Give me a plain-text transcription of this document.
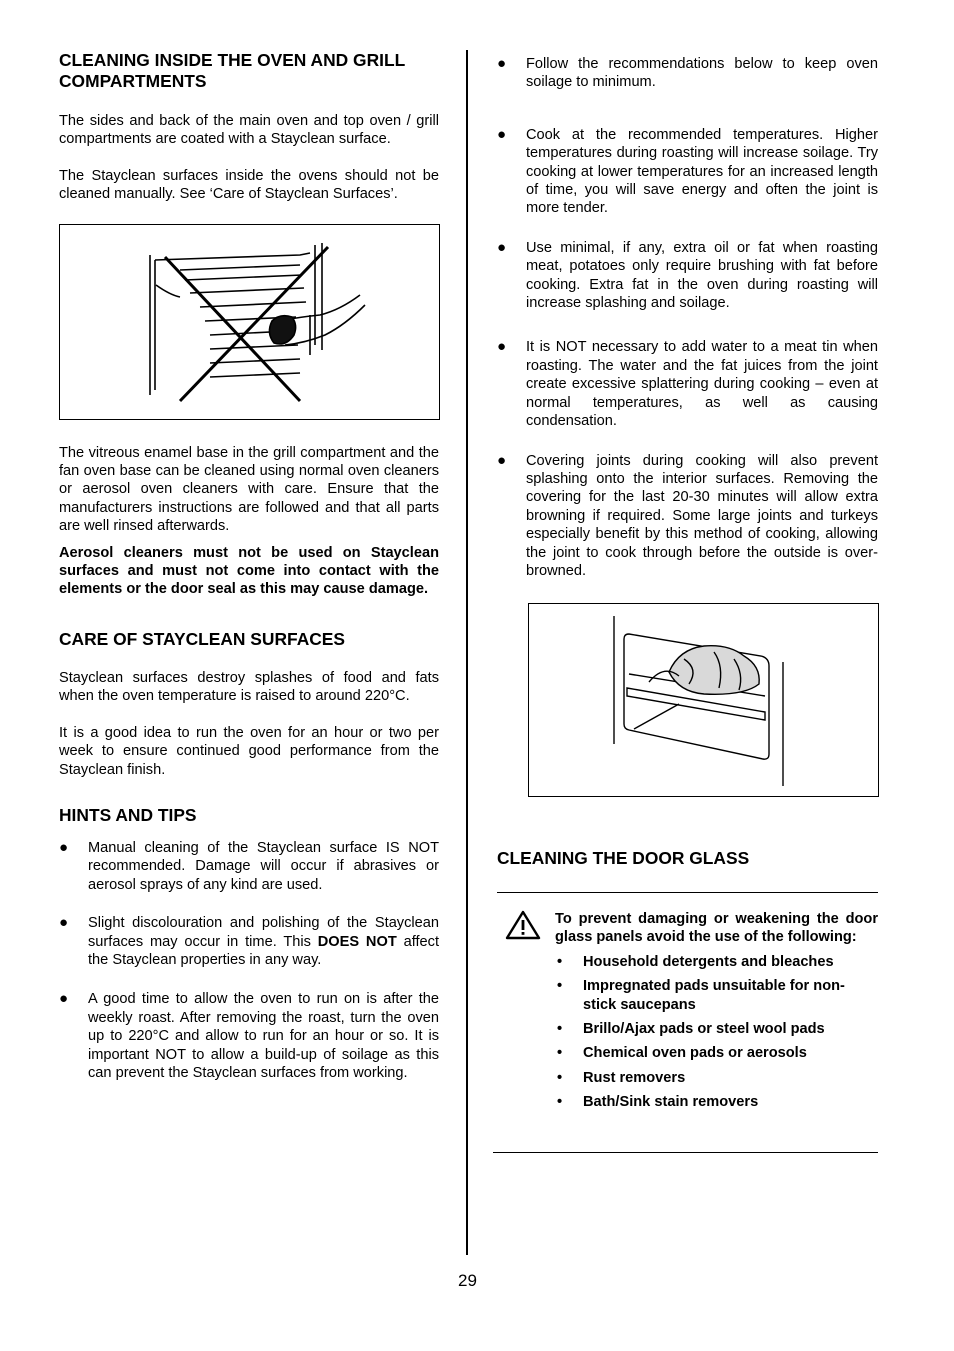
CLEANING INSIDE THE OVEN AND GRILL COMPARTMENTS

The sides and back of the main oven and top oven / grill compartments are coated with a Stayclean surface.

The Stayclean surfaces inside the ovens should not be cleaned manually. See ‘Care of Stayclean Surfaces’.

The vitreous enamel base in the grill compartment and the fan oven base can be cleaned using normal oven cleaners or aerosol oven cleaners with care. Ensure that the manufacturers instructions are followed and that all parts are well rinsed afterwards.

Aerosol cleaners must not be used on Stayclean surfaces and must not come into contact with the elements or the door seal as this may cause damage.

CARE OF STAYCLEAN SURFACES

Stayclean surfaces destroy splashes of food and fats when the oven temperature is raised to around 220°C.

It is a good idea to run the oven for an hour or two per week to ensure continued good performance from the Stayclean finish.

HINTS AND TIPS
● Manual cleaning of the Stayclean surface IS NOT recommended. Damage will occur if abrasives or aerosol sprays of any kind are used.
● Slight discolouration and polishing of the Stayclean surfaces may occur in time. This DOES NOT affect the Stayclean properties in any way.
● A good time to allow the oven to run on is after the weekly roast. After removing the roast, turn the oven up to 220°C and allow to run for an hour or so. It is important NOT to allow a build-up of soilage as this can prevent the Stayclean surfaces from working.
● Follow the recommendations below to keep oven soilage to minimum.
● Cook at the recommended temperatures. Higher temperatures during roasting will increase soilage. Try cooking at lower temperatures for an increased length of time, you will save energy and often the joint is more tender.
● Use minimal, if any, extra oil or fat when roasting meat, potatoes only require brushing with fat before cooking. Extra fat in the oven during roasting will increase splashing and soilage.
● It is NOT necessary to add water to a meat tin when roasting. The water and the fat juices from the joint create excessive splattering during cooking – even at normal temperatures, as well as causing condensation.
● Covering joints during cooking will also prevent splashing onto the interior surfaces. Removing the covering for the last 20-30 minutes will allow extra browning if required. Some large joints and turkeys especially benefit by this method of cooking, allowing the joint to cook through before the outside is over-browned.
CLEANING THE DOOR GLASS

To prevent damaging or weakening the door glass panels avoid the use of the following:

• Household detergents and bleaches
• Impregnated pads unsuitable for non-stick saucepans
• Brillo/Ajax pads or steel wool pads
• Chemical oven pads or aerosols
• Rust removers
• Bath/Sink stain removers
29
